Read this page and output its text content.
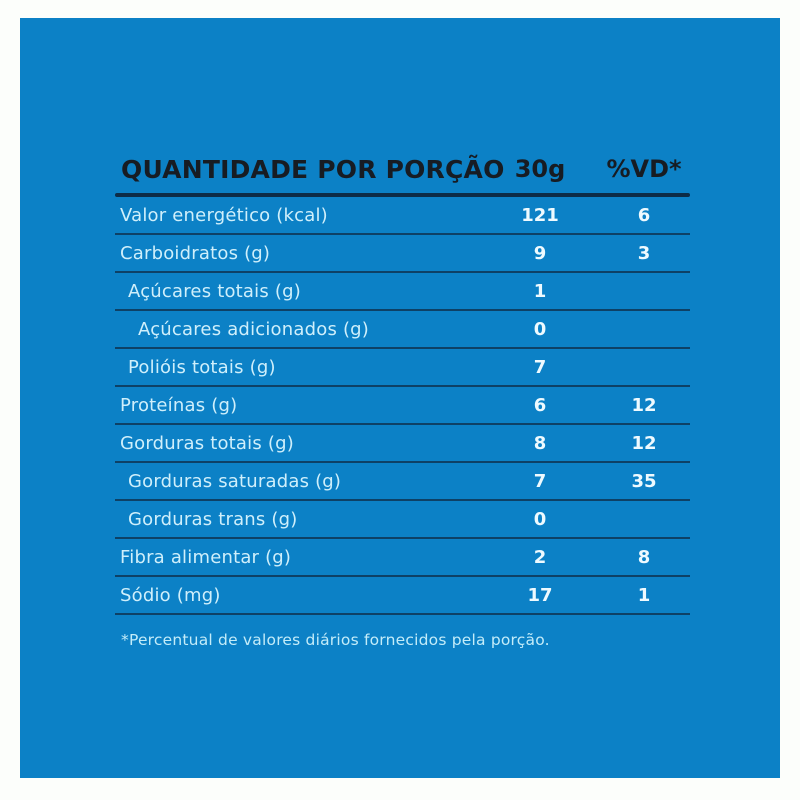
QUANTIDADE POR PORÇÃO 30g	%VD*
Valor energético (kcal)	121	6
Carboidratos (g)	9	3
Açúcares totais (g)	1
Açúcares adicionados (g)	0
Polióis totais (g)	7
Proteínas (g)	6	12
Gorduras totais (g)	8	12
Gorduras saturadas (g)	7	35
Gorduras trans (g)	0
Fibra alimentar (g)	2	8
Sódio (mg)	17	1
*Percentual de valores diários fornecidos pela porção.
